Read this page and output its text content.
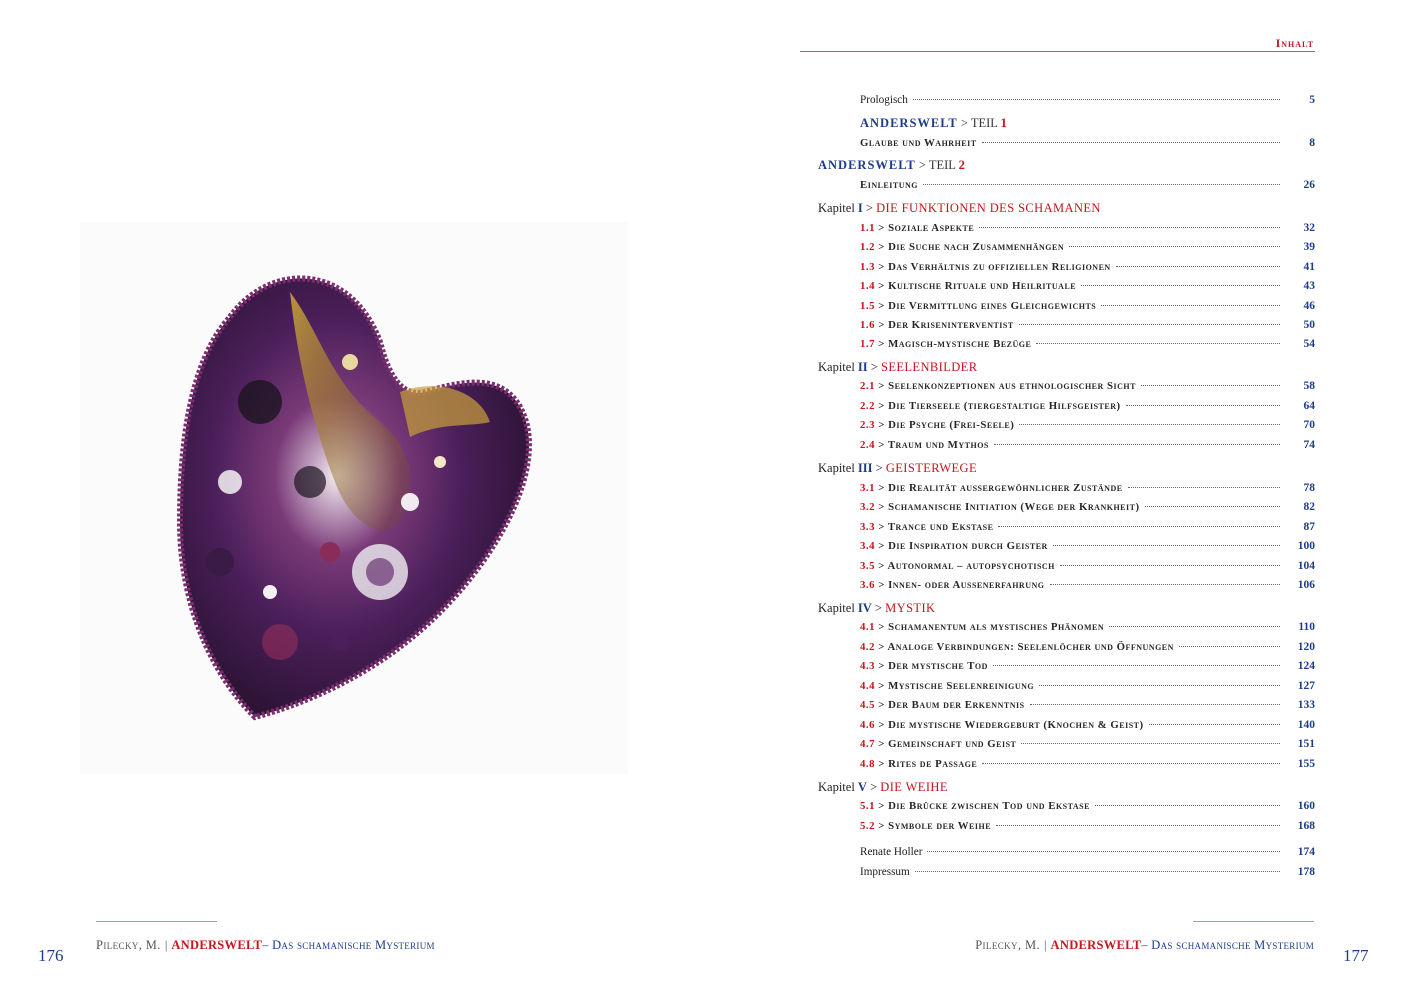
176
Pilecky, M. | ANDERSWELT– Das schamanische Mysterium
Inhalt
Prologisch	5
ANDERSWELT > TEIL 1
Glaube und Wahrheit	8
ANDERSWELT > TEIL 2
Einleitung	26
Kapitel I > DIE FUNKTIONEN DES SCHAMANEN
1.1 > Soziale Aspekte	32
1.2 > Die Suche nach Zusammenhängen	39
1.3 > Das Verhältnis zu offiziellen Religionen	41
1.4 > Kultische Rituale und Heilrituale	43
1.5 > Die Vermittlung eines Gleichgewichts	46
1.6 > Der Kriseninterventist	50
1.7 > Magisch-mystische Bezüge	54
Kapitel II > SEELENBILDER
2.1 > Seelenkonzeptionen aus ethnologischer Sicht	58
2.2 > Die Tierseele (tiergestaltige Hilfsgeister)	64
2.3 > Die Psyche (Frei-Seele)	70
2.4 > Traum und Mythos	74
Kapitel III > GEISTERWEGE
3.1 > Die Realität aussergewöhnlicher Zustände	78
3.2 > Schamanische Initiation (Wege der Krankheit)	82
3.3 > Trance und Ekstase	87
3.4 > Die Inspiration durch Geister	100
3.5 > Autonormal – autopsychotisch	104
3.6 > Innen- oder Aussenerfahrung	106
Kapitel IV > MYSTIK
4.1 > Schamanentum als mystisches Phänomen	110
4.2 > Analoge Verbindungen: Seelenlöcher und Öffnungen	120
4.3 > Der mystische Tod	124
4.4 > Mystische Seelenreinigung	127
4.5 > Der Baum der Erkenntnis	133
4.6 > Die mystische Wiedergeburt (Knochen & Geist)	140
4.7 > Gemeinschaft und Geist	151
4.8 > Rites de Passage	155
Kapitel V > DIE WEIHE
5.1 > Die Brücke zwischen Tod und Ekstase	160
5.2 > Symbole der Weihe	168
Renate Holler	174
Impressum	178
Pilecky, M. | ANDERSWELT– Das schamanische Mysterium
177
